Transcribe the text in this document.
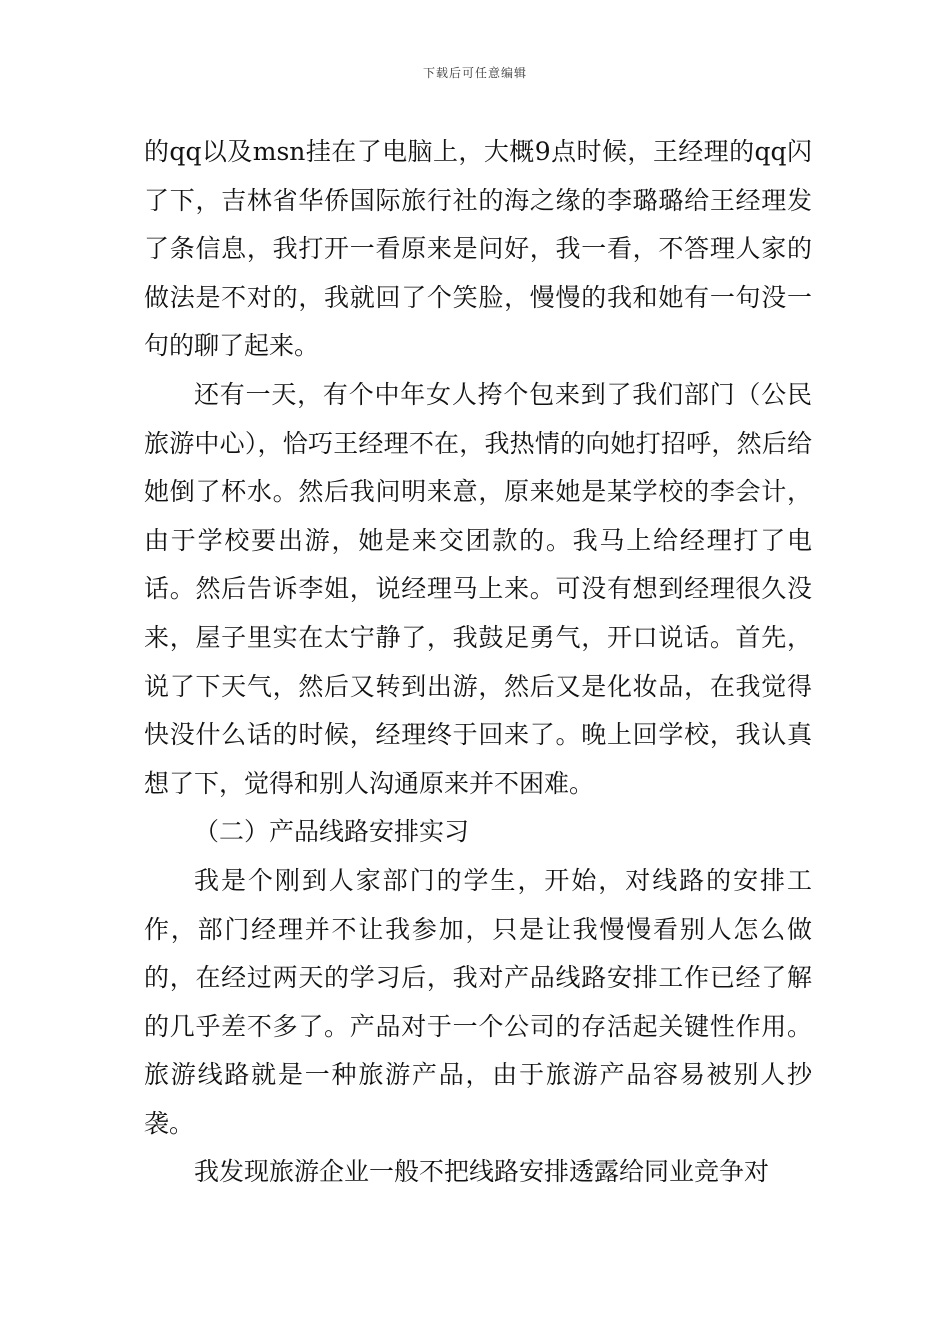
下载后可任意编辑

的qq以及msn挂在了电脑上，大概9点时候，王经理的qq闪了下，吉林省华侨国际旅行社的海之缘的李璐璐给王经理发了条信息，我打开一看原来是问好，我一看，不答理人家的做法是不对的，我就回了个笑脸，慢慢的我和她有一句没一句的聊了起来。

还有一天，有个中年女人挎个包来到了我们部门（公民旅游中心），恰巧王经理不在，我热情的向她打招呼，然后给她倒了杯水。然后我问明来意，原来她是某学校的李会计，由于学校要出游，她是来交团款的。我马上给经理打了电话。然后告诉李姐，说经理马上来。可没有想到经理很久没来，屋子里实在太宁静了，我鼓足勇气，开口说话。首先，说了下天气，然后又转到出游，然后又是化妆品，在我觉得快没什么话的时候，经理终于回来了。晚上回学校，我认真想了下，觉得和别人沟通原来并不困难。

（二）产品线路安排实习

我是个刚到人家部门的学生，开始，对线路的安排工作，部门经理并不让我参加，只是让我慢慢看别人怎么做的，在经过两天的学习后，我对产品线路安排工作已经了解的几乎差不多了。产品对于一个公司的存活起关键性作用。旅游线路就是一种旅游产品，由于旅游产品容易被别人抄袭。

我发现旅游企业一般不把线路安排透露给同业竞争对
